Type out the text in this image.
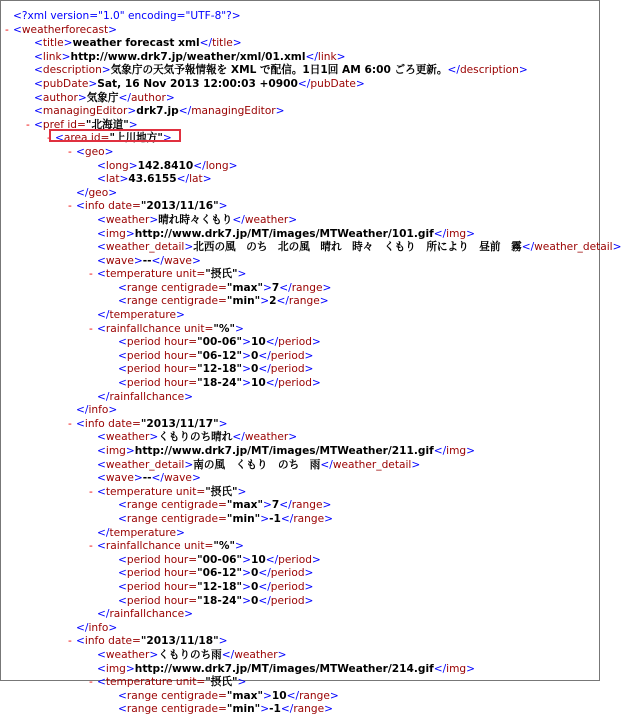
<?xml version="1.0" encoding="UTF-8"?>
- <weatherforecast>
<title>weather forecast xml</title>
<link>http://www.drk7.jp/weather/xml/01.xml</link>
<description>気象庁の天気予報情報を XML で配信。1日1回 AM 6:00 ごろ更新。</description>
<pubDate>Sat, 16 Nov 2013 12:00:03 +0900</pubDate>
<author>気象庁</author>
<managingEditor>drk7.jp</managingEditor>
- <pref id="北海道">
- <area id="上川地方">
- <geo>
<long>142.8410</long>
<lat>43.6155</lat>
</geo>
- <info date="2013/11/16">
<weather>晴れ時々くもり</weather>
<img>http://www.drk7.jp/MT/images/MTWeather/101.gif</img>
<weather_detail>北西の風　のち　北の風　晴れ　時々　くもり　所により　昼前　霧</weather_detail>
<wave>--</wave>
- <temperature unit="摂氏">
<range centigrade="max">7</range>
<range centigrade="min">2</range>
</temperature>
- <rainfallchance unit="%">
<period hour="00-06">10</period>
<period hour="06-12">0</period>
<period hour="12-18">0</period>
<period hour="18-24">10</period>
</rainfallchance>
</info>
- <info date="2013/11/17">
<weather>くもりのち晴れ</weather>
<img>http://www.drk7.jp/MT/images/MTWeather/211.gif</img>
<weather_detail>南の風　くもり　のち　雨</weather_detail>
<wave>--</wave>
- <temperature unit="摂氏">
<range centigrade="max">7</range>
<range centigrade="min">-1</range>
</temperature>
- <rainfallchance unit="%">
<period hour="00-06">10</period>
<period hour="06-12">0</period>
<period hour="12-18">0</period>
<period hour="18-24">0</period>
</rainfallchance>
</info>
- <info date="2013/11/18">
<weather>くもりのち雨</weather>
<img>http://www.drk7.jp/MT/images/MTWeather/214.gif</img>
- <temperature unit="摂氏">
<range centigrade="max">10</range>
<range centigrade="min">-1</range>
